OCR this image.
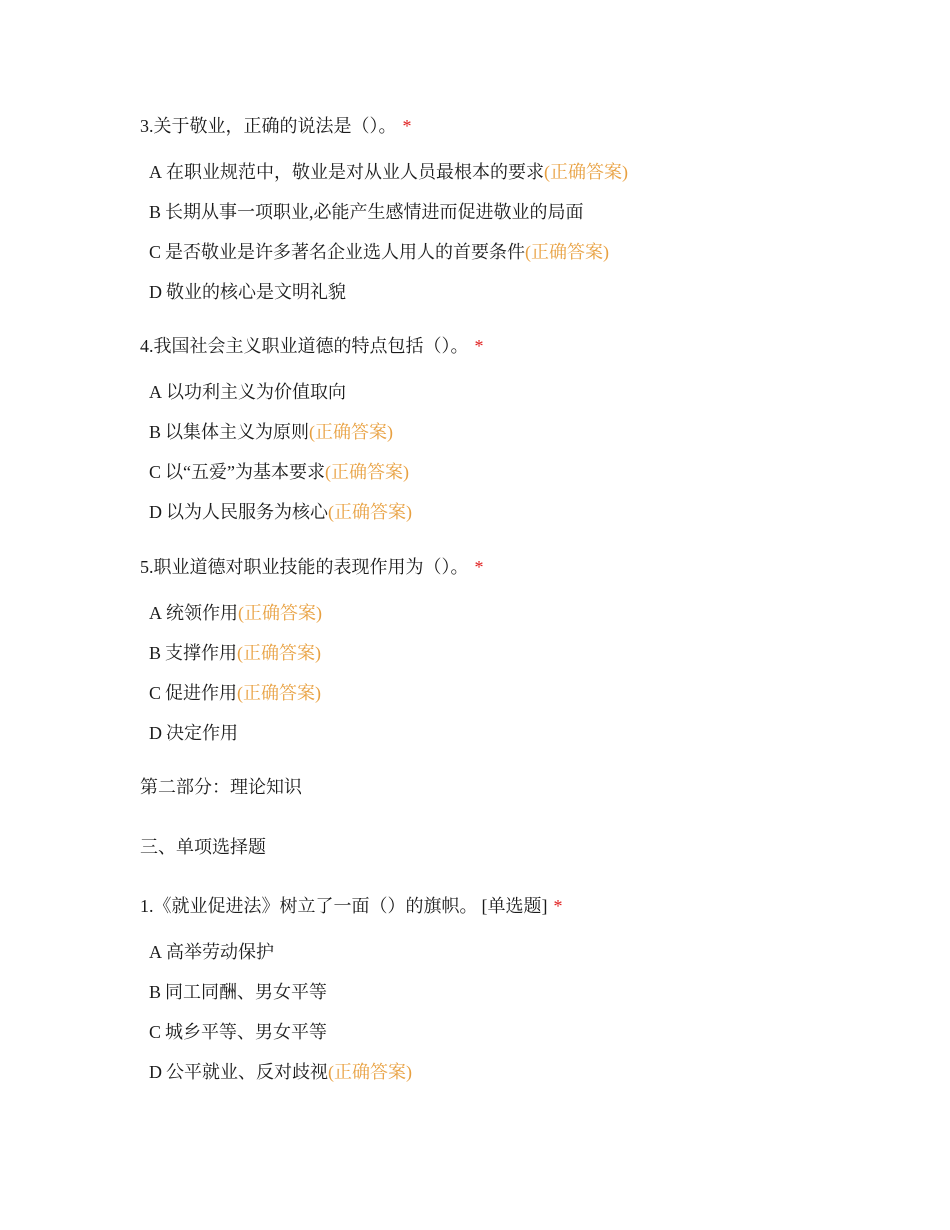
3.关于敬业，正确的说法是（）。 *
A 在职业规范中，敬业是对从业人员最根本的要求(正确答案)
B 长期从事一项职业,必能产生感情进而促进敬业的局面
C 是否敬业是许多著名企业选人用人的首要条件(正确答案)
D 敬业的核心是文明礼貌
4.我国社会主义职业道德的特点包括（）。 *
A 以功利主义为价值取向
B 以集体主义为原则(正确答案)
C 以“五爱”为基本要求(正确答案)
D 以为人民服务为核心(正确答案)
5.职业道德对职业技能的表现作用为（）。 *
A 统领作用(正确答案)
B 支撑作用(正确答案)
C 促进作用(正确答案)
D 决定作用
第二部分：理论知识
三、单项选择题
1.《就业促进法》树立了一面（）的旗帜。 [单选题] *
A 高举劳动保护
B 同工同酬、男女平等
C 城乡平等、男女平等
D 公平就业、反对歧视(正确答案)
